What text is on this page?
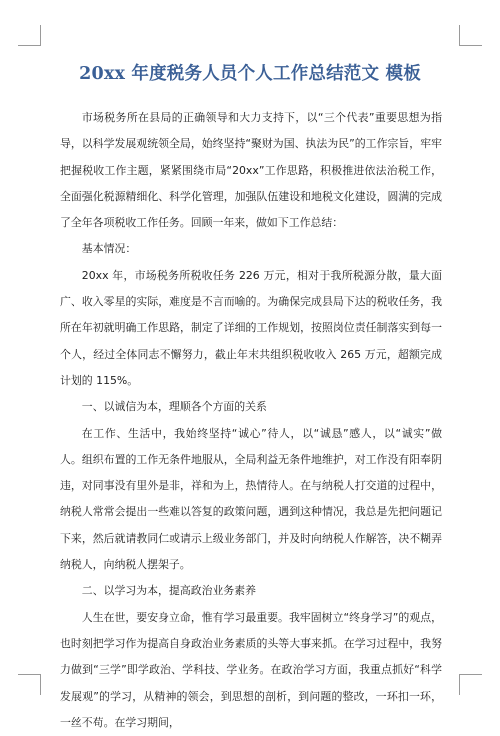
20xx 年度税务人员个人工作总结范文 模板

市场税务所在县局的正确领导和大力支持下，以“三个代表”重要思想为指导，以科学发展观统领全局，始终坚持“聚财为国、执法为民”的工作宗旨，牢牢把握税收工作主题，紧紧围绕市局“20xx”工作思路，积极推进依法治税工作，全面强化税源精细化、科学化管理，加强队伍建设和地税文化建设，圆满的完成了全年各项税收工作任务。回顾一年来，做如下工作总结：

基本情况：

20xx 年，市场税务所税收任务 226 万元，相对于我所税源分散，量大面广、收入零星的实际，难度是不言而喻的。为确保完成县局下达的税收任务，我所在年初就明确工作思路，制定了详细的工作规划，按照岗位责任制落实到每一个人，经过全体同志不懈努力，截止年末共组织税收收入 265 万元，超额完成计划的 115%。

一、以诚信为本，理顺各个方面的关系

在工作、生活中，我始终坚持“诚心”待人，以“诚恳”感人，以“诚实”做人。组织布置的工作无条件地服从，全局利益无条件地维护，对工作没有阳奉阴违，对同事没有里外是非，祥和为上，热情待人。在与纳税人打交道的过程中，纳税人常常会提出一些难以答复的政策问题，遇到这种情况，我总是先把问题记下来，然后就请教同仁或请示上级业务部门，并及时向纳税人作解答，决不糊弄纳税人，向纳税人摆架子。

二、以学习为本，提高政治业务素养

人生在世，要安身立命，惟有学习最重要。我牢固树立“终身学习”的观点，也时刻把学习作为提高自身政治业务素质的头等大事来抓。在学习过程中，我努力做到“三学”即学政治、学科技、学业务。在政治学习方面，我重点抓好“科学发展观”的学习，从精神的领会，到思想的剖析，到问题的整改，一环扣一环，一丝不苟。在学习期间，
